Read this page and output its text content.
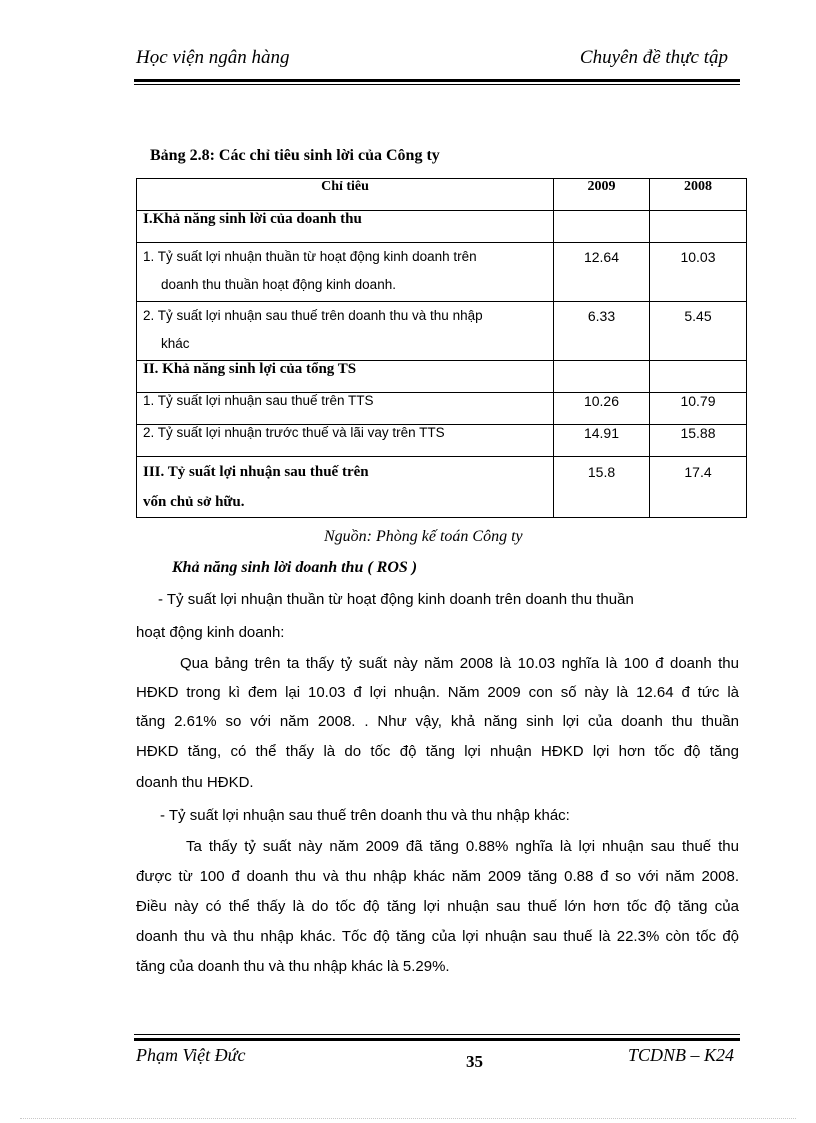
Học viện ngân hàng	Chuyên đề thực tập
Bảng 2.8: Các chỉ tiêu sinh lời của Công ty
Chỉ tiêu	2009	2008
I.Khả năng sinh lời của doanh thu		
1. Tỷ suất lợi nhuận thuần từ hoạt động kinh doanh trên
doanh thu thuần hoạt động kinh doanh.	12.64	10.03
2. Tỷ suất lợi nhuận sau thuế trên doanh thu và thu nhập
khác	6.33	5.45
II. Khả năng sinh lợi của tổng TS		
1. Tỷ suất lợi nhuận sau thuế trên TTS	10.26	10.79
2. Tỷ suất lợi nhuận trước thuế và lãi vay trên TTS	14.91	15.88
III. Tỷ suất lợi nhuận sau thuế trên
vốn chủ sở hữu.	15.8	17.4
Nguồn: Phòng kế toán Công ty
Khả năng sinh lời doanh thu ( ROS )
- Tỷ suất lợi nhuận thuần từ hoạt động kinh doanh trên doanh thu thuần
hoạt động kinh doanh:
Qua bảng trên ta thấy tỷ suất này năm 2008 là 10.03 nghĩa là 100 đ doanh thu
HĐKD trong kì đem lại 10.03 đ lợi nhuận. Năm 2009 con số này là 12.64 đ tức là
tăng 2.61% so với năm 2008. . Như vậy, khả năng sinh lợi của doanh thu thuần
HĐKD tăng, có thể thấy là do tốc độ tăng lợi nhuận HĐKD lợi hơn tốc độ tăng
doanh thu HĐKD.
- Tỷ suất lợi nhuận sau thuế trên doanh thu và thu nhập khác:
Ta thấy tỷ suất này năm 2009 đã tăng 0.88% nghĩa là lợi nhuận sau thuế thu
được từ 100 đ doanh thu và thu nhập khác năm 2009 tăng 0.88 đ so với năm 2008.
Điều này có thể thấy là do tốc độ tăng lợi nhuận sau thuế lớn hơn tốc độ tăng của
doanh thu và thu nhập khác. Tốc độ tăng của lợi nhuận sau thuế là 22.3% còn tốc độ
tăng của doanh thu và thu nhập khác là 5.29%.
Phạm Việt Đức	35	TCDNB – K24
